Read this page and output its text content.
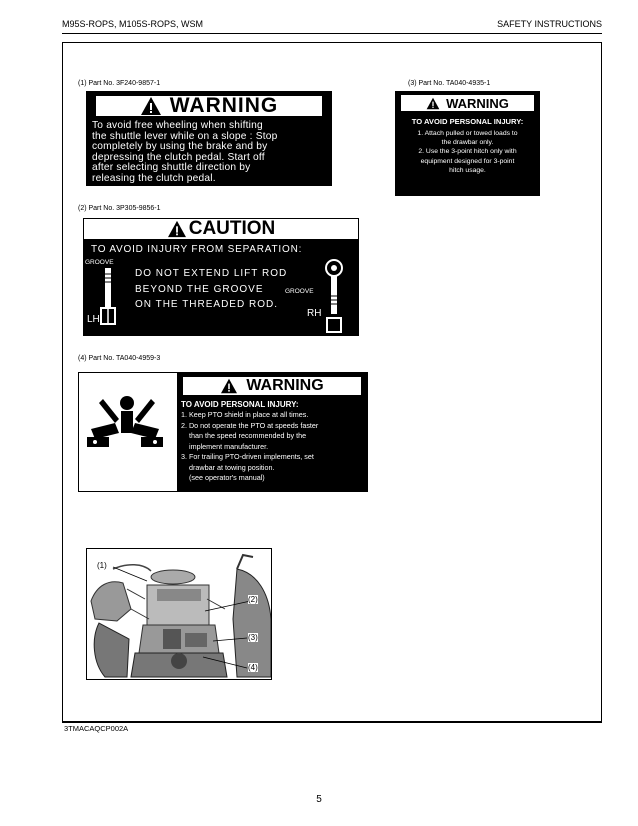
M95S-ROPS, M105S-ROPS, WSM	SAFETY INSTRUCTIONS
(1) Part No. 3F240-9857-1	(3) Part No. TA040-4935-1
(2) Part No. 3P305-9856-1
(4) Part No. TA040-4959-3
WARNING
To avoid free wheeling when shifting
the shuttle lever while on a slope : Stop
completely by using the brake and by
depressing the clutch pedal. Start off
after selecting shuttle direction by
releasing the clutch pedal.
WARNING
TO AVOID PERSONAL INJURY:
1. Attach pulled or towed loads to
the drawbar only.
2. Use the 3-point hitch only with
equipment designed for 3-point
hitch usage.
CAUTION
TO AVOID INJURY FROM SEPARATION:
GROOVE
LH
DO NOT EXTEND LIFT ROD
BEYOND THE GROOVE
ON THE THREADED ROD.
GROOVE
RH
WARNING
TO AVOID PERSONAL INJURY:
1. Keep PTO shield in place at all times.
2. Do not operate the PTO at speeds faster
than the speed recommended by the
implement manufacturer.
3. For trailing PTO-driven implements, set
drawbar at towing position.
(see operator's manual)
(1)
(2)
(3)
(4)
3TMACAQCP002A
5
